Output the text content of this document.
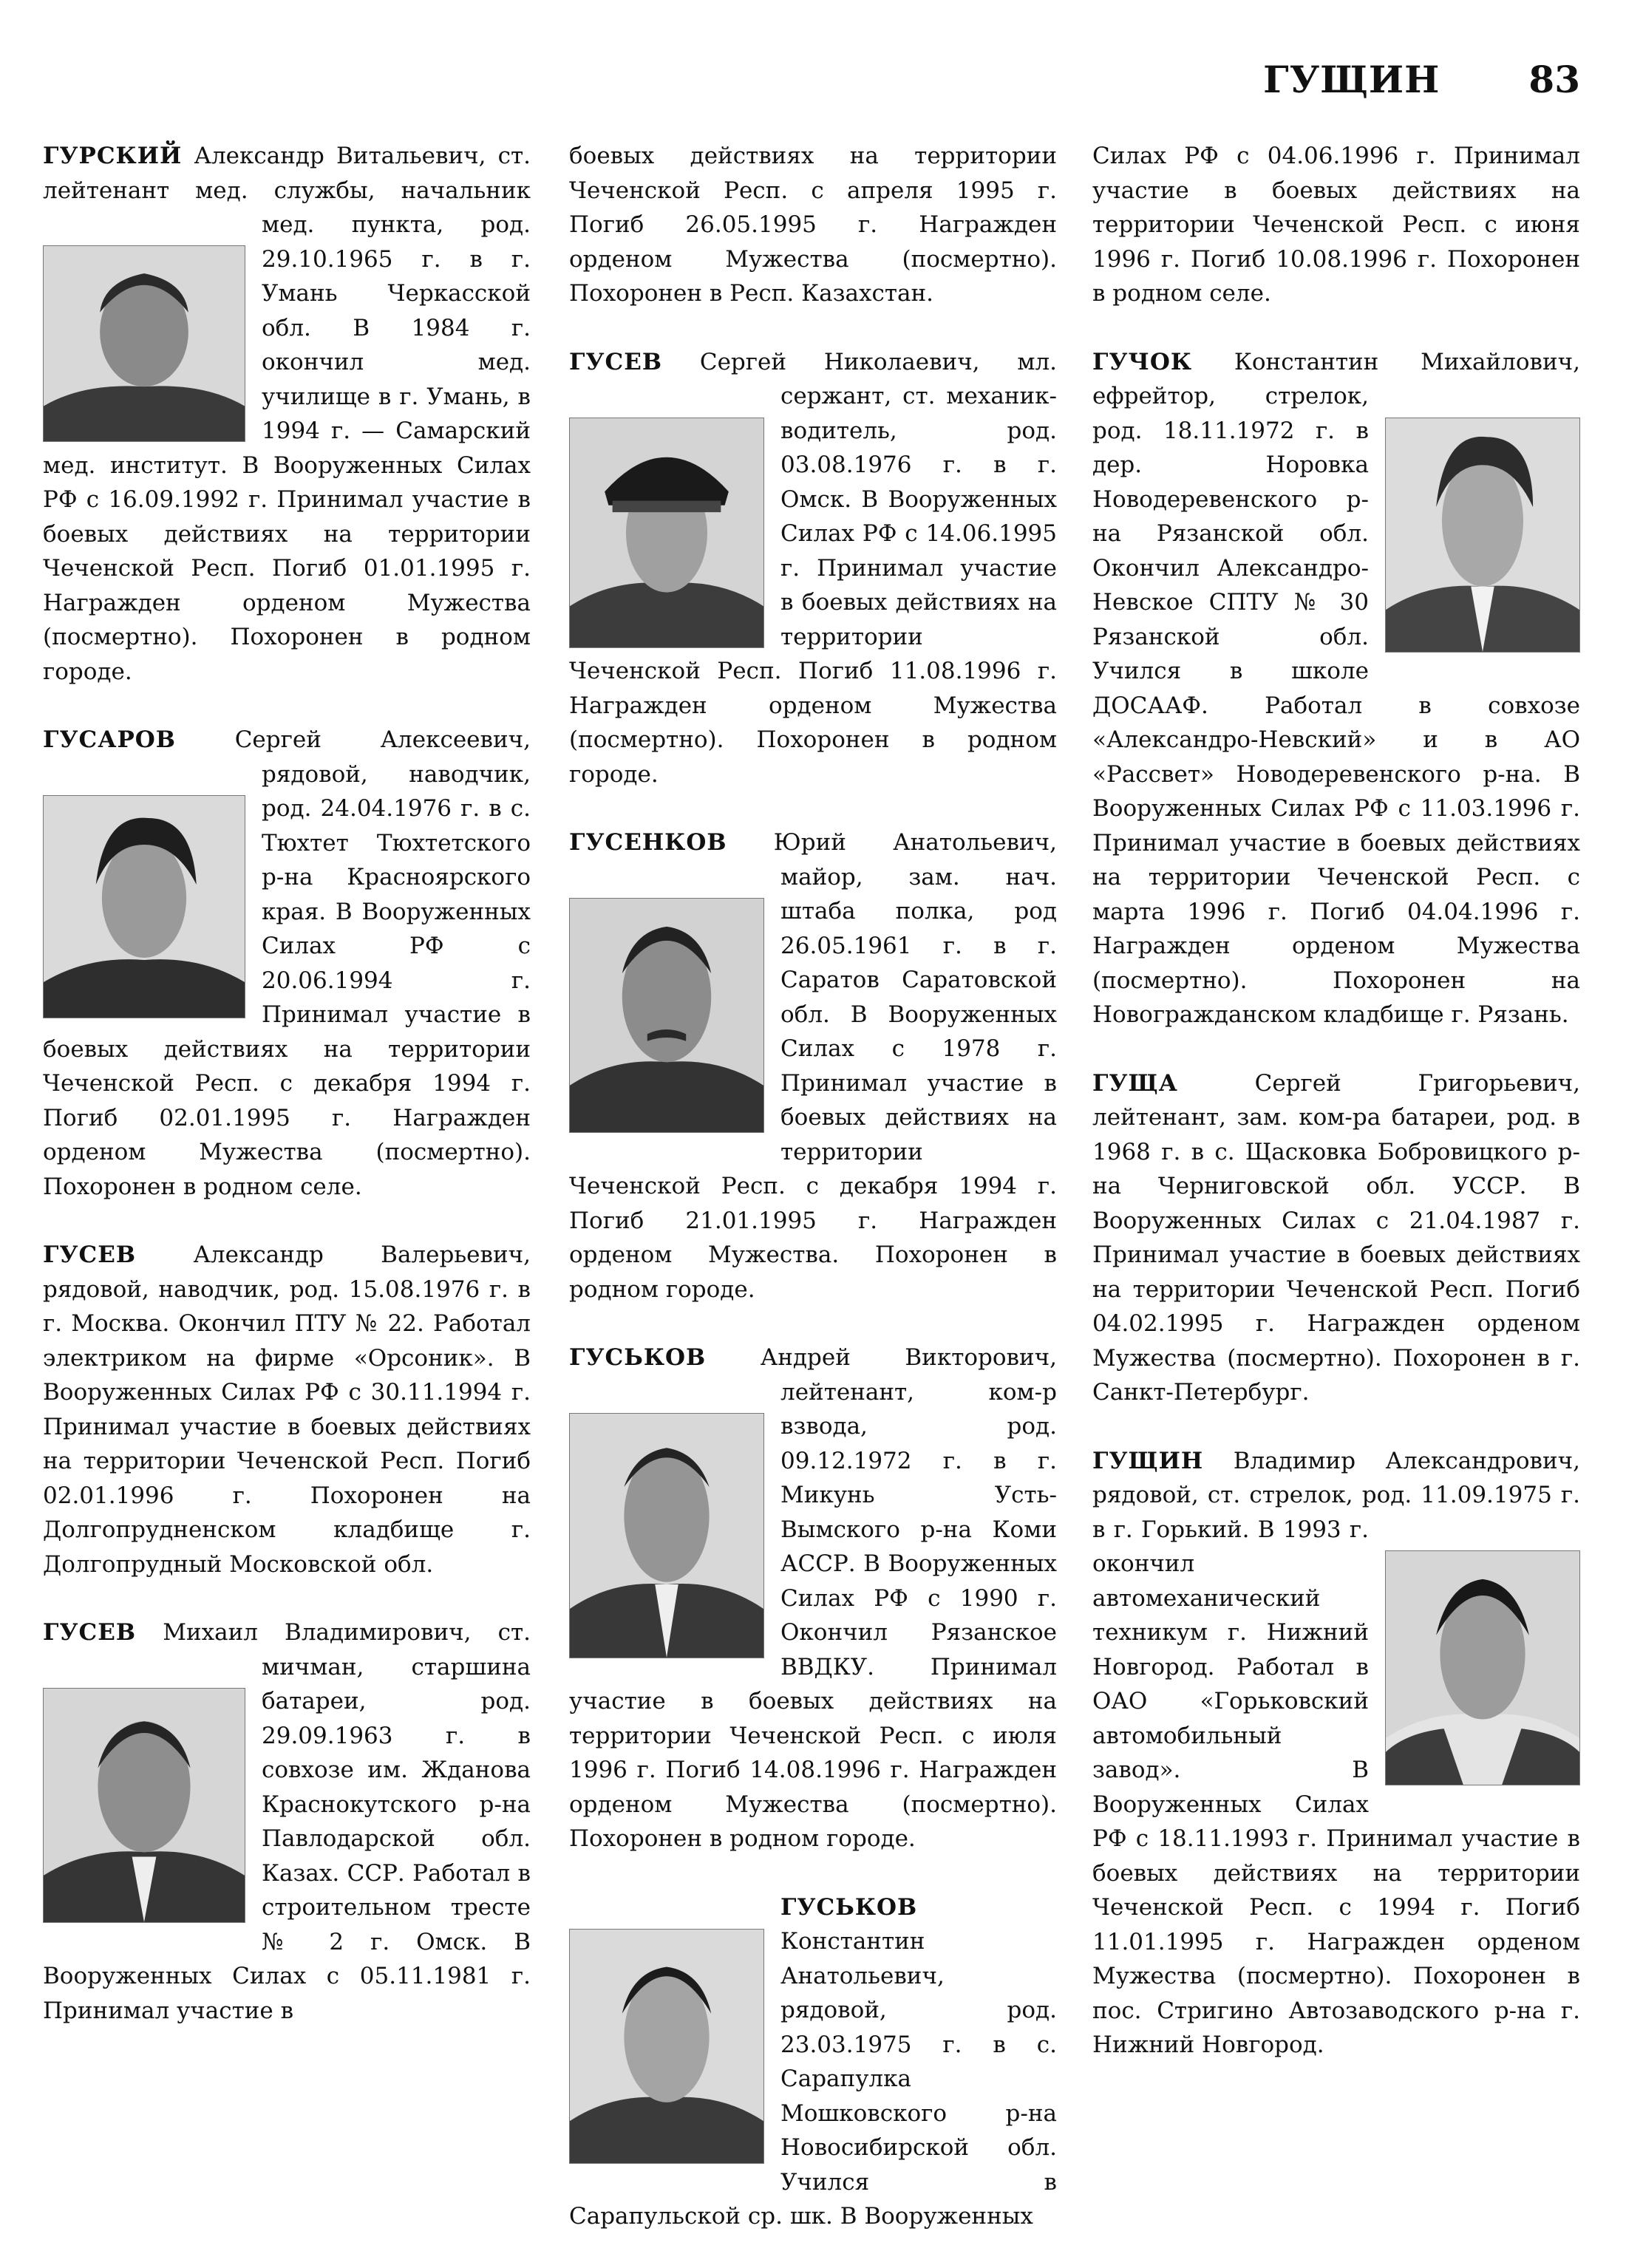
ГУЩИН 83
ГУРСКИЙ Александр Витальевич, ст. лейтенант мед. службы, начальник мед. пункта, род. 29.10.1965 г. в г. Умань Черкасской обл. В 1984 г. окончил мед. училище в г. Умань, в 1994 г. — Самарский мед. институт. В Вооруженных Силах РФ с 16.09.1992 г. Принимал участие в боевых действиях на территории Чеченской Респ. Погиб 01.01.1995 г. Награжден орденом Мужества (посмертно). Похоронен в родном городе.
ГУСАРОВ Сергей Алексеевич, рядовой, наводчик, род. 24.04.1976 г. в с. Тюхтет Тюхтетского р-на Красноярского края. В Вооруженных Силах РФ с 20.06.1994 г. Принимал участие в боевых действиях на территории Чеченской Респ. с декабря 1994 г. Погиб 02.01.1995 г. Награжден орденом Мужества (посмертно). Похоронен в родном селе.
ГУСЕВ Александр Валерьевич, рядовой, наводчик, род. 15.08.1976 г. в г. Москва. Окончил ПТУ № 22. Работал электриком на фирме «Орсоник». В Вооруженных Силах РФ с 30.11.1994 г. Принимал участие в боевых действиях на территории Чеченской Респ. Погиб 02.01.1996 г. Похоронен на Долгопрудненском кладбище г. Долгопрудный Московской обл.
ГУСЕВ Михаил Владимирович, ст. мичман, старшина батареи, род. 29.09.1963 г. в совхозе им. Жданова Краснокутского р-на Павлодарской обл. Казах. ССР. Работал в строительном тресте № 2 г. Омск. В Вооруженных Силах с 05.11.1981 г. Принимал участие в
боевых действиях на территории Чеченской Респ. с апреля 1995 г. Погиб 26.05.1995 г. Награжден орденом Мужества (посмертно). Похоронен в Респ. Казахстан.
ГУСЕВ Сергей Николаевич, мл. сержант, ст. механик-водитель, род. 03.08.1976 г. в г. Омск. В Вооруженных Силах РФ с 14.06.1995 г. Принимал участие в боевых действиях на территории Чеченской Респ. Погиб 11.08.1996 г. Награжден орденом Мужества (посмертно). Похоронен в родном городе.
ГУСЕНКОВ Юрий Анатольевич, майор, зам. нач. штаба полка, род 26.05.1961 г. в г. Саратов Саратовской обл. В Вооруженных Силах с 1978 г. Принимал участие в боевых действиях на территории Чеченской Респ. с декабря 1994 г. Погиб 21.01.1995 г. Награжден орденом Мужества. Похоронен в родном городе.
ГУСЬКОВ Андрей Викторович, лейтенант, ком-р взвода, род. 09.12.1972 г. в г. Микунь Усть-Вымского р-на Коми АССР. В Вооруженных Силах РФ с 1990 г. Окончил Рязанское ВВДКУ. Принимал участие в боевых действиях на территории Чеченской Респ. с июля 1996 г. Погиб 14.08.1996 г. Награжден орденом Мужества (посмертно). Похоронен в родном городе.
ГУСЬКОВ Константин Анатольевич, рядовой, род. 23.03.1975 г. в с. Сарапулка Мошковского р-на Новосибирской обл. Учился в Сарапульской ср. шк. В Вооруженных
Силах РФ с 04.06.1996 г. Принимал участие в боевых действиях на территории Чеченской Респ. с июня 1996 г. Погиб 10.08.1996 г. Похоронен в родном селе.
ГУЧОК Константин Михайлович, ефрейтор, стрелок, род. 18.11.1972 г. в дер. Норовка Новодеревенского р-на Рязанской обл. Окончил Александро-Невское СПТУ № 30 Рязанской обл. Учился в школе ДОСААФ. Работал в совхозе «Александро-Невский» и в АО «Рассвет» Новодеревенского р-на. В Вооруженных Силах РФ с 11.03.1996 г. Принимал участие в боевых действиях на территории Чеченской Респ. с марта 1996 г. Погиб 04.04.1996 г. Награжден орденом Мужества (посмертно). Похоронен на Новогражданском кладбище г. Рязань.
ГУЩА Сергей Григорьевич, лейтенант, зам. ком-ра батареи, род. в 1968 г. в с. Щасковка Бобровицкого р-на Черниговской обл. УССР. В Вооруженных Силах с 21.04.1987 г. Принимал участие в боевых действиях на территории Чеченской Респ. Погиб 04.02.1995 г. Награжден орденом Мужества (посмертно). Похоронен в г. Санкт-Петербург.
ГУЩИН Владимир Александрович, рядовой, ст. стрелок, род. 11.09.1975 г. в г. Горький. В 1993 г. окончил автомеханический техникум г. Нижний Новгород. Работал в ОАО «Горьковский автомобильный завод». В Вооруженных Силах РФ с 18.11.1993 г. Принимал участие в боевых действиях на территории Чеченской Респ. с 1994 г. Погиб 11.01.1995 г. Награжден орденом Мужества (посмертно). Похоронен в пос. Стригино Автозаводского р-на г. Нижний Новгород.
